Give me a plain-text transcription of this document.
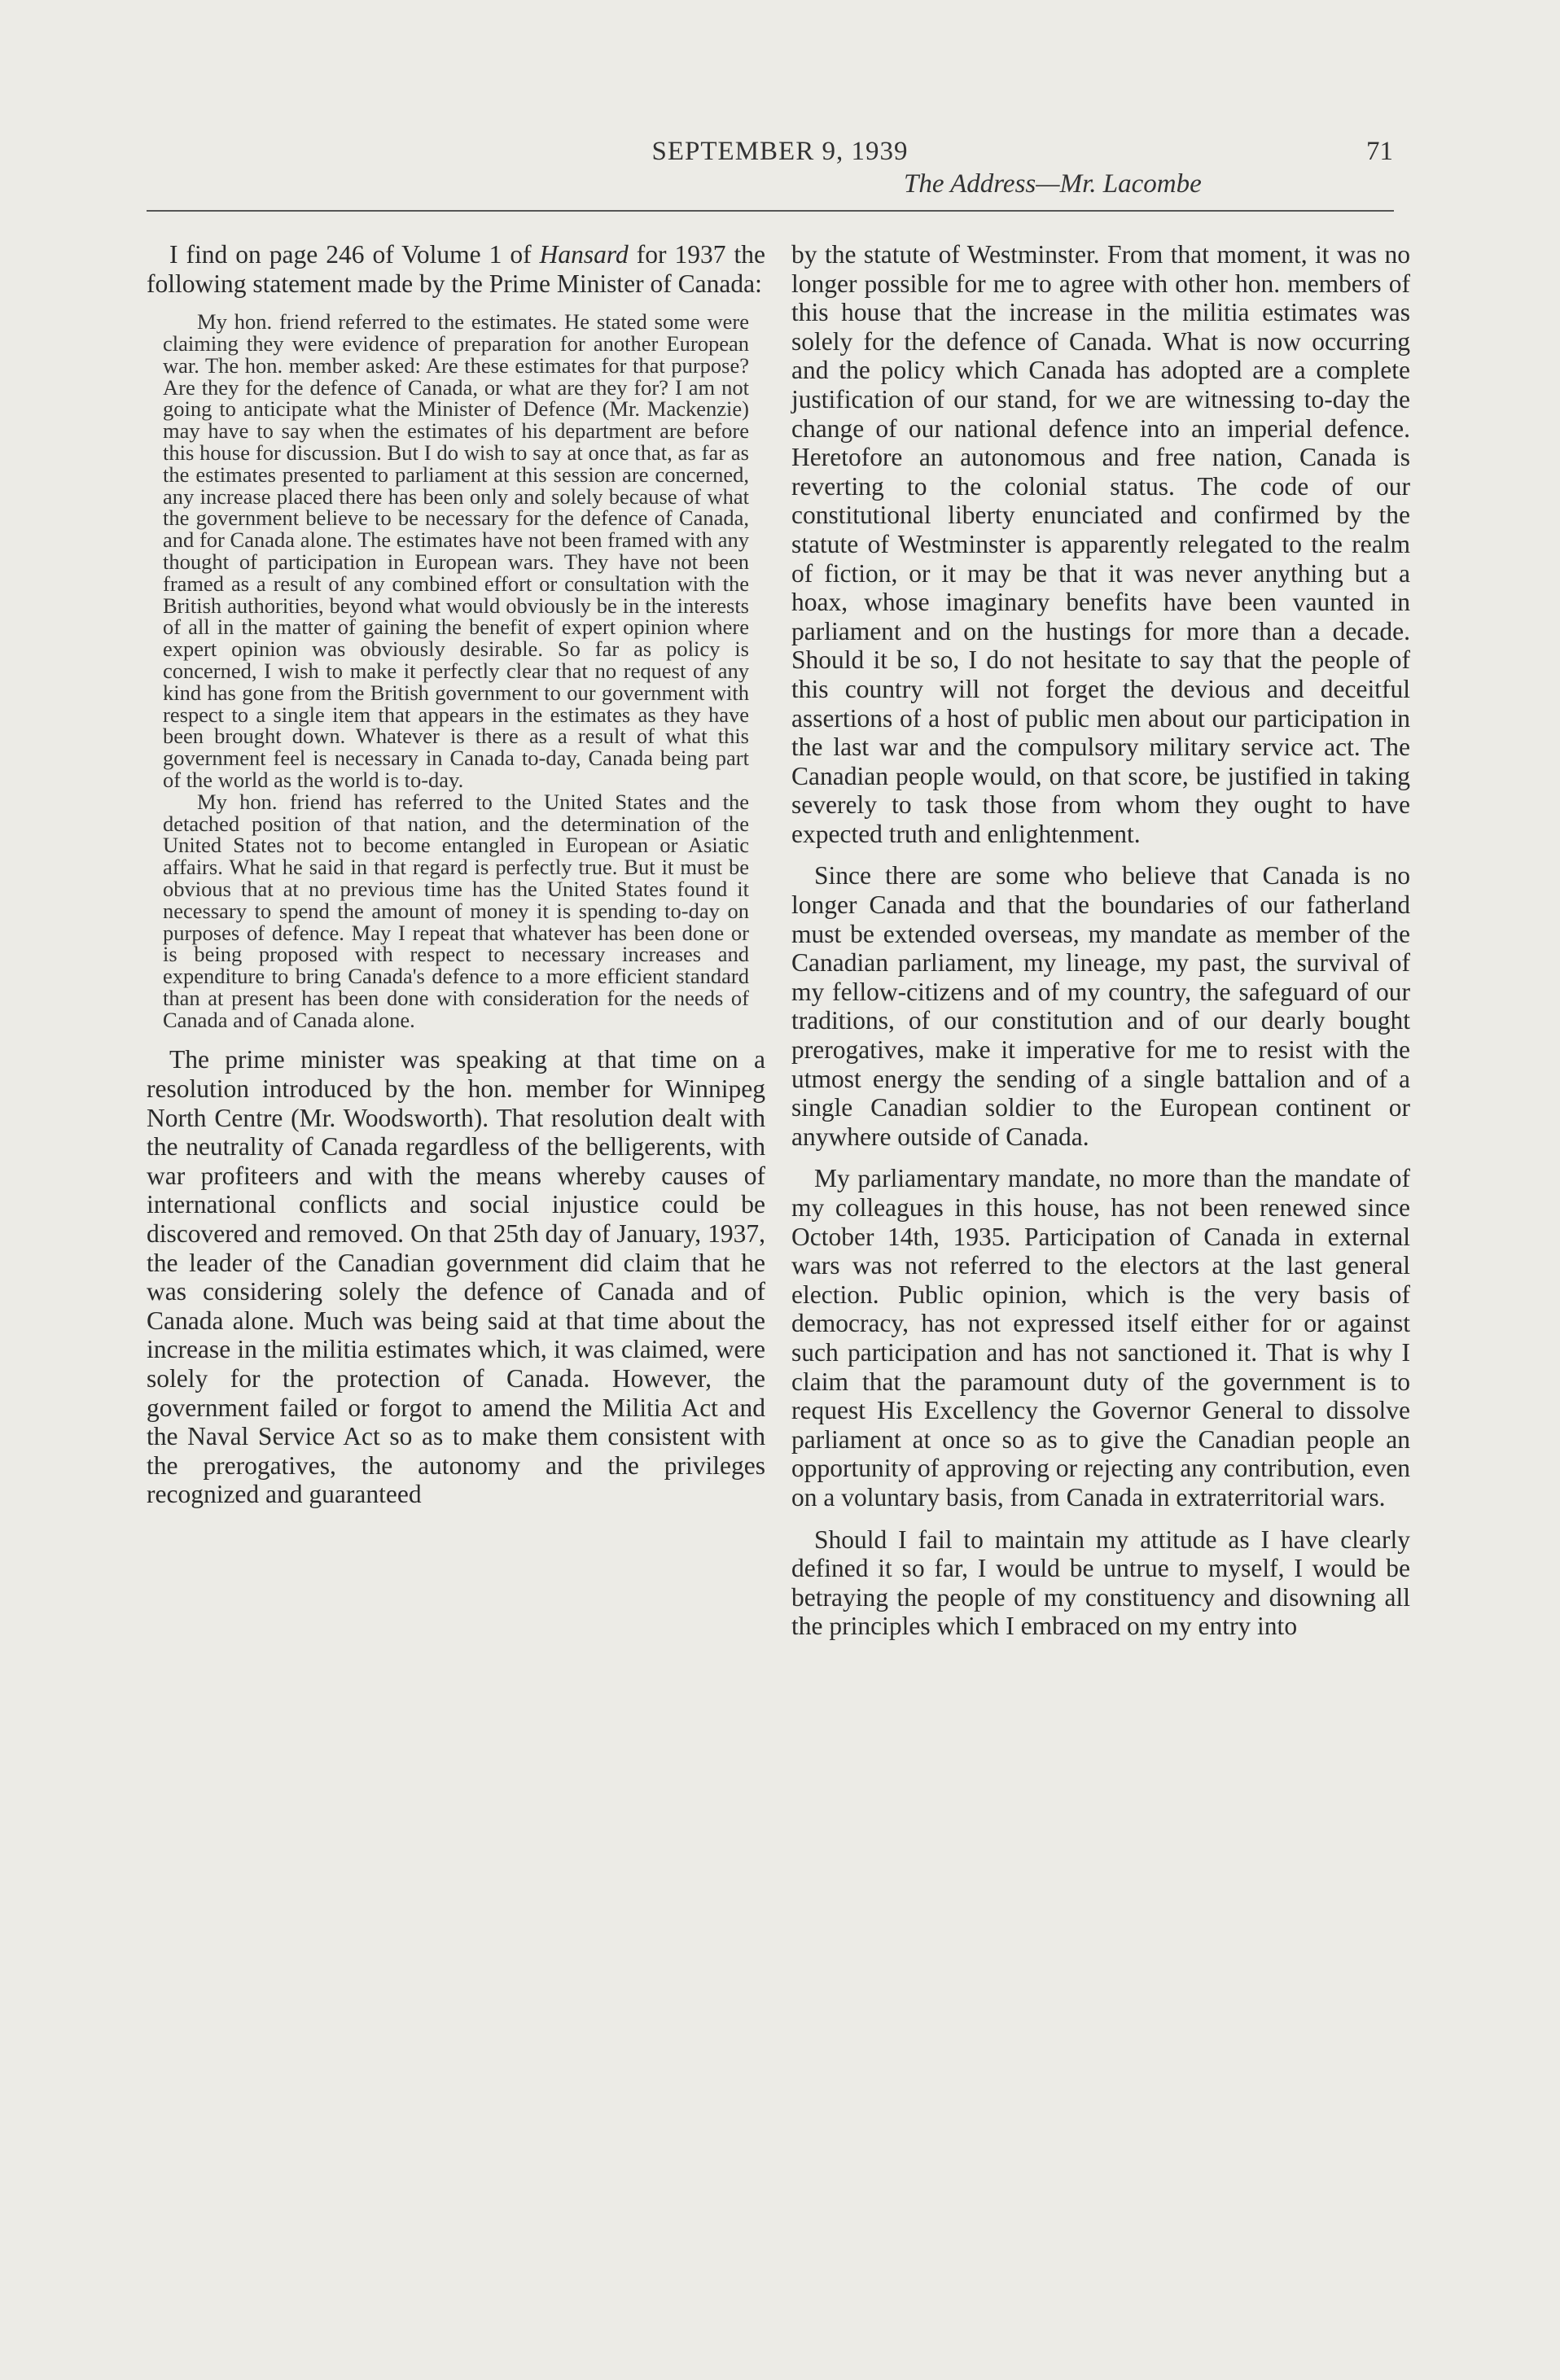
SEPTEMBER 9, 1939	71
The Address—Mr. Lacombe

I find on page 246 of Volume 1 of Hansard for 1937 the following statement made by the Prime Minister of Canada:

My hon. friend referred to the estimates. He stated some were claiming they were evidence of preparation for another European war. The hon. member asked: Are these estimates for that purpose? Are they for the defence of Canada, or what are they for? I am not going to anticipate what the Minister of Defence (Mr. Mackenzie) may have to say when the estimates of his department are before this house for discussion. But I do wish to say at once that, as far as the estimates presented to parliament at this session are concerned, any increase placed there has been only and solely because of what the government believe to be necessary for the defence of Canada, and for Canada alone. The estimates have not been framed with any thought of participation in European wars. They have not been framed as a result of any combined effort or consultation with the British authorities, beyond what would obviously be in the interests of all in the matter of gaining the benefit of expert opinion where expert opinion was obviously desirable. So far as policy is concerned, I wish to make it perfectly clear that no request of any kind has gone from the British government to our government with respect to a single item that appears in the estimates as they have been brought down. Whatever is there as a result of what this government feel is necessary in Canada to-day, Canada being part of the world as the world is to-day.

My hon. friend has referred to the United States and the detached position of that nation, and the determination of the United States not to become entangled in European or Asiatic affairs. What he said in that regard is perfectly true. But it must be obvious that at no previous time has the United States found it necessary to spend the amount of money it is spending to-day on purposes of defence. May I repeat that whatever has been done or is being proposed with respect to necessary increases and expenditure to bring Canada's defence to a more efficient standard than at present has been done with consideration for the needs of Canada and of Canada alone.

The prime minister was speaking at that time on a resolution introduced by the hon. member for Winnipeg North Centre (Mr. Woodsworth). That resolution dealt with the neutrality of Canada regardless of the belligerents, with war profiteers and with the means whereby causes of international conflicts and social injustice could be discovered and removed. On that 25th day of January, 1937, the leader of the Canadian government did claim that he was considering solely the defence of Canada and of Canada alone. Much was being said at that time about the increase in the militia estimates which, it was claimed, were solely for the protection of Canada. However, the government failed or forgot to amend the Militia Act and the Naval Service Act so as to make them consistent with the prerogatives, the autonomy and the privileges recognized and guaranteed

by the statute of Westminster. From that moment, it was no longer possible for me to agree with other hon. members of this house that the increase in the militia estimates was solely for the defence of Canada. What is now occurring and the policy which Canada has adopted are a complete justification of our stand, for we are witnessing to-day the change of our national defence into an imperial defence. Heretofore an autonomous and free nation, Canada is reverting to the colonial status. The code of our constitutional liberty enunciated and confirmed by the statute of Westminster is apparently relegated to the realm of fiction, or it may be that it was never anything but a hoax, whose imaginary benefits have been vaunted in parliament and on the hustings for more than a decade. Should it be so, I do not hesitate to say that the people of this country will not forget the devious and deceitful assertions of a host of public men about our participation in the last war and the compulsory military service act. The Canadian people would, on that score, be justified in taking severely to task those from whom they ought to have expected truth and enlightenment.

Since there are some who believe that Canada is no longer Canada and that the boundaries of our fatherland must be extended overseas, my mandate as member of the Canadian parliament, my lineage, my past, the survival of my fellow-citizens and of my country, the safeguard of our traditions, of our constitution and of our dearly bought prerogatives, make it imperative for me to resist with the utmost energy the sending of a single battalion and of a single Canadian soldier to the European continent or anywhere outside of Canada.

My parliamentary mandate, no more than the mandate of my colleagues in this house, has not been renewed since October 14th, 1935. Participation of Canada in external wars was not referred to the electors at the last general election. Public opinion, which is the very basis of democracy, has not expressed itself either for or against such participation and has not sanctioned it. That is why I claim that the paramount duty of the government is to request His Excellency the Governor General to dissolve parliament at once so as to give the Canadian people an opportunity of approving or rejecting any contribution, even on a voluntary basis, from Canada in extraterritorial wars.

Should I fail to maintain my attitude as I have clearly defined it so far, I would be untrue to myself, I would be betraying the people of my constituency and disowning all the principles which I embraced on my entry into
